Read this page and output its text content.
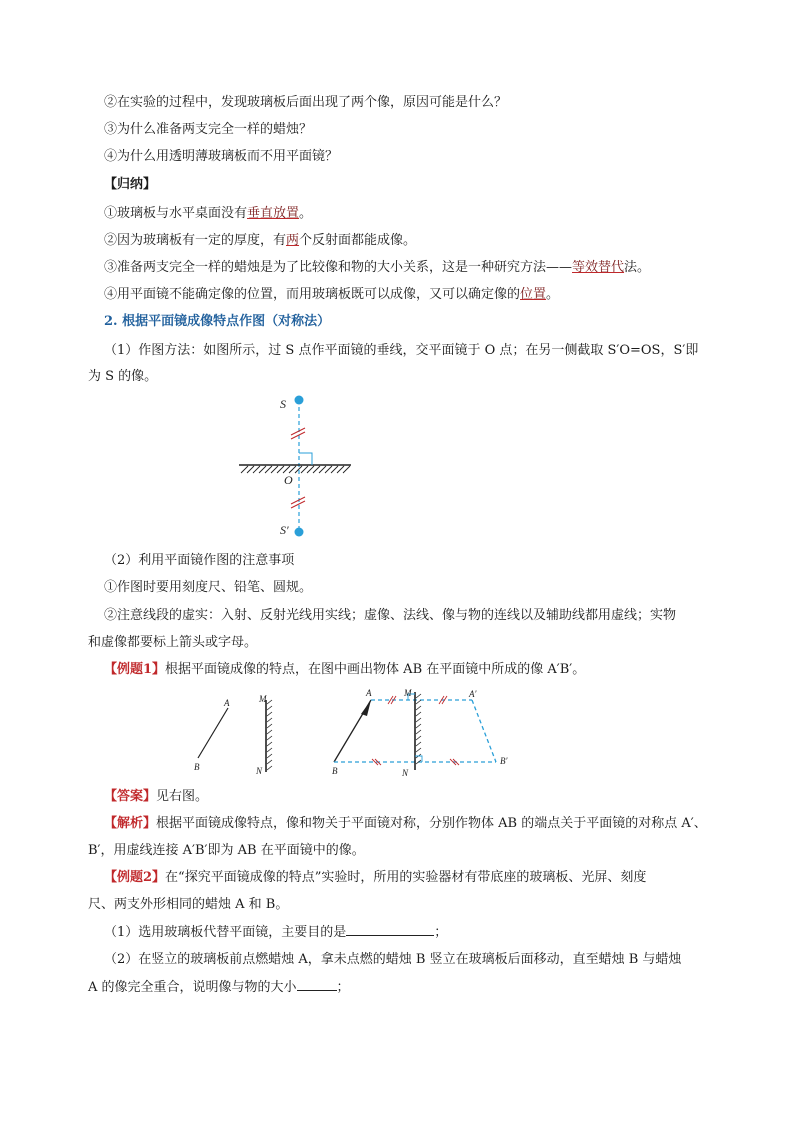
②在实验的过程中，发现玻璃板后面出现了两个像，原因可能是什么？
③为什么准备两支完全一样的蜡烛？
④为什么用透明薄玻璃板而不用平面镜？
【归纳】
①玻璃板与水平桌面没有垂直放置。
②因为玻璃板有一定的厚度，有两个反射面都能成像。
③准备两支完全一样的蜡烛是为了比较像和物的大小关系，这是一种研究方法——等效替代法。
④用平面镜不能确定像的位置，而用玻璃板既可以成像，又可以确定像的位置。
2. 根据平面镜成像特点作图（对称法）
（1）作图方法：如图所示，过 S 点作平面镜的垂线，交平面镜于 O 点；在另一侧截取 S′O=OS，S′即
为 S 的像。
S
O
S′
（2）利用平面镜作图的注意事项
①作图时要用刻度尺、铅笔、圆规。
②注意线段的虚实：入射、反射光线用实线；虚像、法线、像与物的连线以及辅助线都用虚线；实物
和虚像都要标上箭头或字母。
【例题1】根据平面镜成像的特点，在图中画出物体 AB 在平面镜中所成的像 A′B′。
A
B
M
N
A
B
M
N
A′
B′
【答案】见右图。
【解析】根据平面镜成像特点，像和物关于平面镜对称，分别作物体 AB 的端点关于平面镜的对称点 A′、
B′，用虚线连接 A′B′即为 AB 在平面镜中的像。
【例题2】在“探究平面镜成像的特点”实验时，所用的实验器材有带底座的玻璃板、光屏、刻度
尺、两支外形相同的蜡烛 A 和 B。
（1）选用玻璃板代替平面镜，主要目的是	；
（2）在竖立的玻璃板前点燃蜡烛 A，拿未点燃的蜡烛 B 竖立在玻璃板后面移动，直至蜡烛 B 与蜡烛
A 的像完全重合，说明像与物的大小	；
